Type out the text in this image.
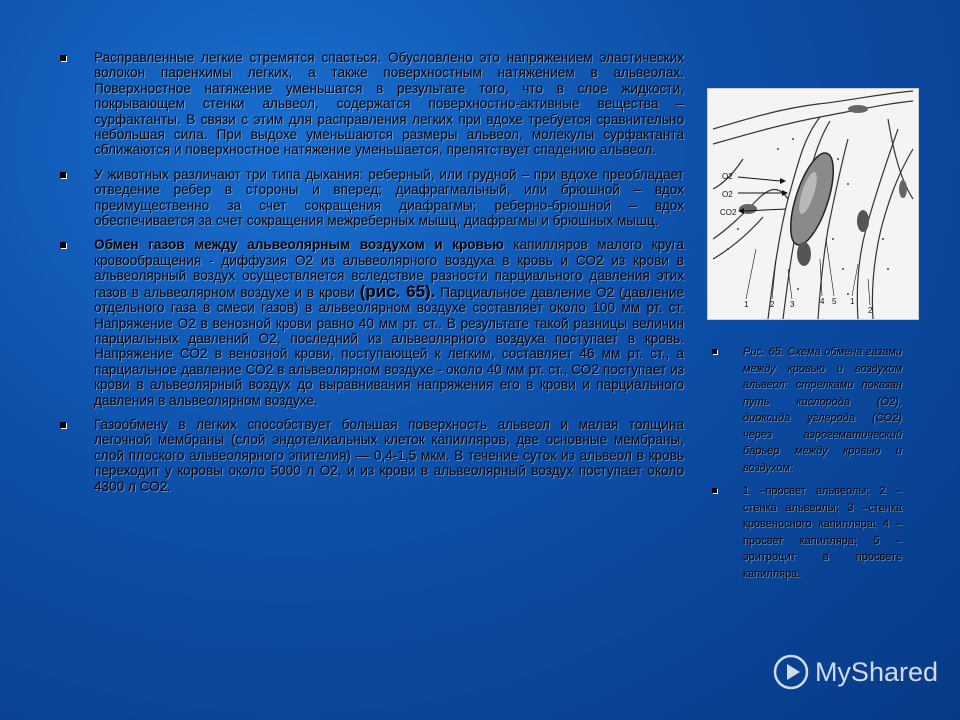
Расправленные легкие стремятся спасться. Обусловлено это напряжением эластических волокон паренхимы легких, а также поверхностным натяжением в альвеолах. Поверхностное натяжение уменьшатся в результате того, что в слое жидкости, покрывающем стенки альвеол, содержатся поверхностно-активные вещества – сурфактанты. В связи с этим для расправления легких при вдохе требуется сравнительно небольшая сила. При выдохе уменьшаются размеры альвеол, молекулы сурфактанта сближаются и поверхностное натяжение уменьшается, препятствует спадению альвеол.
У животных различают три типа дыхания: реберный, или грудной – при вдохе преобладает отведение ребер в стороны и вперед; диафрагмальный, или брюшной – вдох преимущественно за счет сокращения диафрагмы; реберно-брюшной – вдох обеспечивается за счет сокращения межреберных мышц, диафрагмы и брюшных мышц.
Обмен газов между альвеолярным воздухом и кровью капилляров малого круга кровообращения - диффузия О2 из альвеолярного воздуха в кровь и СО2 из крови в альвеолярный воздух осуществляется вследствие разности парциального давления этих газов в альвеолярном воздухе и в крови (рис. 65). Парциальное давление О2 (давление отдельного газа в смеси газов) в альвеолярном воздухе составляет около 100 мм рт. ст. Напряжение О2 в венозной крови равно 40 мм рт. ст.. В результате такой разницы величин парциальных давлений О2, последний из альвеолярного воздуха поступает в кровь. Напряжение СО2 в венозной крови, поступающей к легким, составляет 46 мм рт. ст., а парциальное давление СО2 в альвеолярном воздухе - около 40 мм рт. ст., СО2 поступает из крови в альвеолярный воздух до выравнивания напряжения его в крови и парциального давления в альвеолярном воздухе.
Газообмену в легких способствует большая поверхность альвеол и малая толщина легочной мембраны (слой эндотелиальных клеток капилляров, две основные мембраны, слой плоского альвеолярного эпителия) — 0,4-1,5 мкм. В течение суток из альвеол в кровь переходит у коровы около 5000 л О2, и из крови в альвеолярный воздух поступает около 4300 л СО2.
O2
O2
CO2
1	2 3	4 5 1
2
Рис. 65. Схема обмена газами между кровью и воздухом альвеол: стрелками показан путь кислорода (О2), диоксида углерода (СО2) через аэрогематический барьер между кровью и воздухом:
1 –просвет альвеолы; 2 –стенка альвеолы; 3 –стенка кровеносного капилляра; 4 – просвет капилляра; 5 –эритроцит в просвете капилляра.
MyShared
